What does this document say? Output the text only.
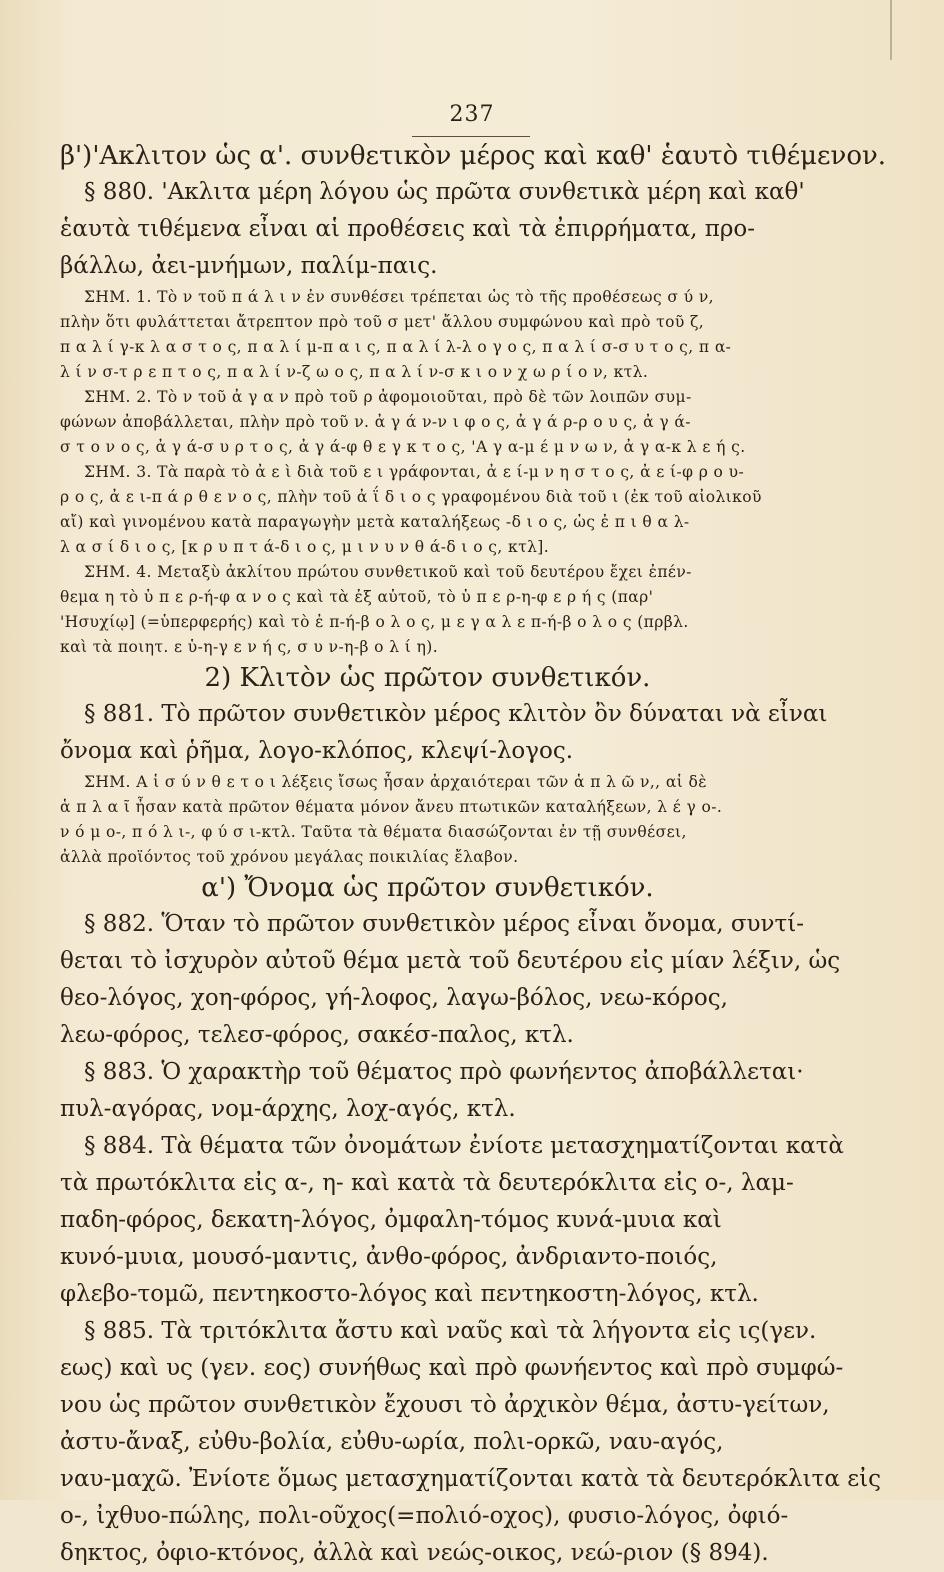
237

β')'Ακλιτον ὡς α'. συνθετικὸν μέρος καὶ καθ' ἑαυτὸ τιθέμενον.

§ 880. 'Ακλιτα μέρη λόγου ὡς πρῶτα συνθετικὰ μέρη καὶ καθ'

ἑαυτὰ τιθέμενα εἶναι αἱ προθέσεις καὶ τὰ ἐπιρρήματα, προ-

βάλλω, ἀει-μνήμων, παλίμ-παις.

ΣΗΜ. 1. Τὸ ν τοῦ π ά λ ι ν ἐν συνθέσει τρέπεται ὡς τὸ τῆς προθέσεως σ ύ ν,

πλὴν ὅτι φυλάττεται ἄτρεπτον πρὸ τοῦ σ μετ' ἄλλου συμφώνου καὶ πρὸ τοῦ ζ,

π α λ ί γ-κ λ α σ τ ο ς, π α λ ί μ-π α ι ς, π α λ ί λ-λ ο γ ο ς, π α λ ί σ-σ υ τ ο ς, π α-

λ ί ν σ-τ ρ ε π τ ο ς, π α λ ί ν-ζ ω ο ς, π α λ ί ν-σ κ ι ο ν χ ω ρ ί ο ν, κτλ.

ΣΗΜ. 2. Τὸ ν τοῦ ἀ γ α ν πρὸ τοῦ ρ ἀφομοιοῦται, πρὸ δὲ τῶν λοιπῶν συμ-

φώνων ἀποβάλλεται, πλὴν πρὸ τοῦ ν. ἀ γ ά ν-ν ι φ ο ς, ἀ γ ά ρ-ρ ο υ ς, ἀ γ ά-

σ τ ο ν ο ς, ἀ γ ά-σ υ ρ τ ο ς, ἀ γ ά-φ θ ε γ κ τ ο ς, 'Α γ α-μ έ μ ν ω ν, ἀ γ α-κ λ ε ή ς.

ΣΗΜ. 3. Τὰ παρὰ τὸ ἀ ε ὶ διὰ τοῦ ε ι γράφονται, ἀ ε ί-μ ν η σ τ ο ς, ἀ ε ί-φ ρ ο υ-

ρ ο ς, ἀ ε ι-π ά ρ θ ε ν ο ς, πλὴν τοῦ ἀ ΐ δ ι ο ς γραφομένου διὰ τοῦ ι (ἐκ τοῦ αἰολικοῦ

αἴ) καὶ γινομένου κατὰ παραγωγὴν μετὰ καταλήξεως -δ ι ο ς, ὡς ἐ π ι θ α λ-

λ α σ ί δ ι ο ς, [κ ρ υ π τ ά-δ ι ο ς, μ ι ν υ ν θ ά-δ ι ο ς, κτλ].

ΣΗΜ. 4. Μεταξὺ ἀκλίτου πρώτου συνθετικοῦ καὶ τοῦ δευτέρου ἔχει ἐπέν-

θεμα η τὸ ὑ π ε ρ-ή-φ α ν ο ς καὶ τὰ ἐξ αὐτοῦ, τὸ ὑ π ε ρ-η-φ ε ρ ή ς (παρ'

'Ησυχίῳ] (=ὑπερφερής) καὶ τὸ ἐ π-ή-β ο λ ο ς, μ ε γ α λ ε π-ή-β ο λ ο ς (πρβλ.

καὶ τὰ ποιητ. ε ὑ-η-γ ε ν ή ς, σ υ ν-η-β ο λ ί η).

2) Κλιτὸν ὡς πρῶτον συνθετικόν.

§ 881. Τὸ πρῶτον συνθετικὸν μέρος κλιτὸν ὂν δύναται νὰ εἶναι

ὄνομα καὶ ῥῆμα, λογο-κλόπος, κλεψί-λογος.

ΣΗΜ. Α ἱ σ ύ ν θ ε τ ο ι λέξεις ἴσως ἦσαν ἀρχαιότεραι τῶν ἁ π λ ῶ ν,, αἱ δὲ

ἁ π λ α ῖ ἦσαν κατὰ πρῶτον θέματα μόνον ἄνευ πτωτικῶν καταλήξεων, λ έ γ ο-.

ν ό μ ο-, π ό λ ι-, φ ύ σ ι-κτλ. Ταῦτα τὰ θέματα διασώζονται ἐν τῇ συνθέσει,

ἀλλὰ προϊόντος τοῦ χρόνου μεγάλας ποικιλίας ἔλαβον.

α') Ὄνομα ὡς πρῶτον συνθετικόν.

§ 882. Ὅταν τὸ πρῶτον συνθετικὸν μέρος εἶναι ὄνομα, συντί-

θεται τὸ ἰσχυρὸν αὐτοῦ θέμα μετὰ τοῦ δευτέρου εἰς μίαν λέξιν, ὡς

θεο-λόγος, χοη-φόρος, γή-λοφος, λαγω-βόλος, νεω-κόρος,

λεω-φόρος, τελεσ-φόρος, σακέσ-παλος, κτλ.

§ 883. Ὁ χαρακτὴρ τοῦ θέματος πρὸ φωνήεντος ἀποβάλλεται·

πυλ-αγόρας, νομ-άρχης, λοχ-αγός, κτλ.

§ 884. Τὰ θέματα τῶν ὀνομάτων ἐνίοτε μετασχηματίζονται κατὰ

τὰ πρωτόκλιτα εἰς α-, η- καὶ κατὰ τὰ δευτερόκλιτα εἰς ο-, λαμ-

παδη-φόρος, δεκατη-λόγος, ὀμφαλη-τόμος κυνά-μυια καὶ

κυνό-μυια, μουσό-μαντις, ἀνθο-φόρος, ἀνδριαντο-ποιός,

φλεβο-τομῶ, πεντηκοστο-λόγος καὶ πεντηκοστη-λόγος, κτλ.

§ 885. Τὰ τριτόκλιτα ἄστυ καὶ ναῦς καὶ τὰ λήγοντα εἰς ις(γεν.

εως) καὶ υς (γεν. εος) συνήθως καὶ πρὸ φωνήεντος καὶ πρὸ συμφώ-

νου ὡς πρῶτον συνθετικὸν ἔχουσι τὸ ἀρχικὸν θέμα, ἀστυ-γείτων,

ἀστυ-ἄναξ, εὐθυ-βολία, εὐθυ-ωρία, πολι-ορκῶ, ναυ-αγός,

ναυ-μαχῶ. Ἐνίοτε ὅμως μετασχηματίζονται κατὰ τὰ δευτερόκλιτα εἰς

ο-, ἰχθυο-πώλης, πολι-οῦχος(=πολιό-οχος), φυσιο-λόγος, ὀφιό-

δηκτος, ὀφιο-κτόνος, ἀλλὰ καὶ νεώς-οικος, νεώ-ριον (§ 894).
